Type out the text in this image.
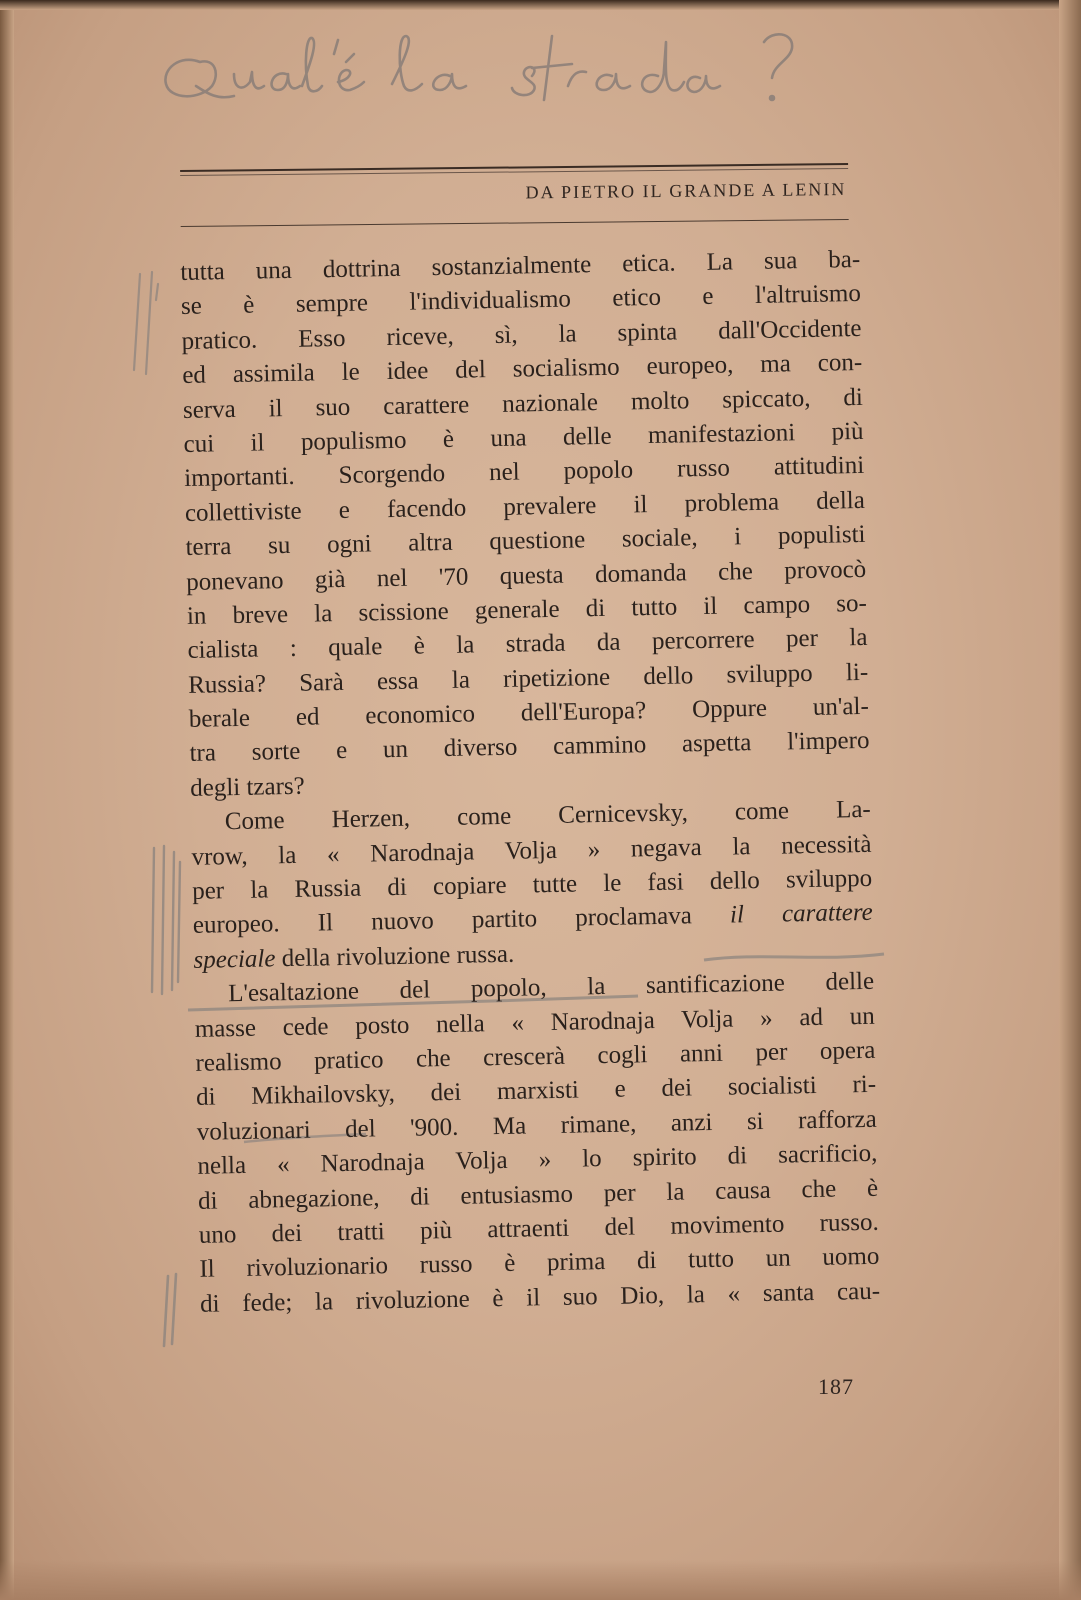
DA PIETRO IL GRANDE A LENIN
tutta una dottrina sostanzialmente etica. La sua ba-
se è sempre l'individualismo etico e l'altruismo
pratico. Esso riceve, sì, la spinta dall'Occidente
ed assimila le idee del socialismo europeo, ma con-
serva il suo carattere nazionale molto spiccato, di
cui il populismo è una delle manifestazioni più
importanti. Scorgendo nel popolo russo attitudini
collettiviste e facendo prevalere il problema della
terra su ogni altra questione sociale, i populisti
ponevano già nel '70 questa domanda che provocò
in breve la scissione generale di tutto il campo so-
cialista : quale è la strada da percorrere per la
Russia? Sarà essa la ripetizione dello sviluppo li-
berale ed economico dell'Europa? Oppure un'al-
tra sorte e un diverso cammino aspetta l'impero
degli tzars?
Come Herzen, come Cernicevsky, come La-
vrow, la « Narodnaja Volja » negava la necessità
per la Russia di copiare tutte le fasi dello sviluppo
europeo. Il nuovo partito proclamava il carattere
speciale della rivoluzione russa.
L'esaltazione del popolo, la santificazione delle
masse cede posto nella « Narodnaja Volja » ad un
realismo pratico che crescerà cogli anni per opera
di Mikhailovsky, dei marxisti e dei socialisti ri-
voluzionari del '900. Ma rimane, anzi si rafforza
nella « Narodnaja Volja » lo spirito di sacrificio,
di abnegazione, di entusiasmo per la causa che è
uno dei tratti più attraenti del movimento russo.
Il rivoluzionario russo è prima di tutto un uomo
di fede; la rivoluzione è il suo Dio, la « santa cau-
187
